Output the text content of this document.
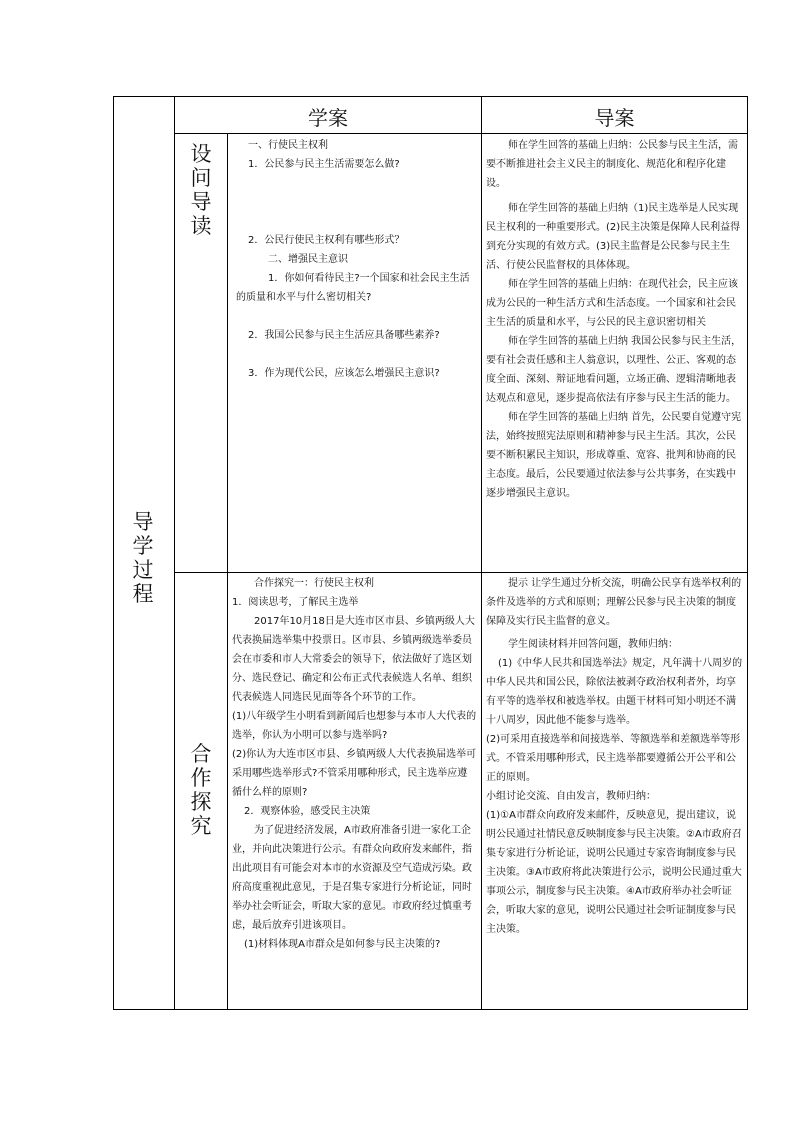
学案	导案
导
学
过
程
设
问
导
读
合
作
探
究

一、行使民主权利

1．公民参与民主生活需要怎么做?

2．公民行使民主权利有哪些形式？

二、增强民主意识

1．你如何看待民主?一个国家和社会民主生活的质量和水平与什么密切相关?

2．我国公民参与民主生活应具备哪些素养?

3．作为现代公民，应该怎么增强民主意识?

师在学生回答的基础上归纳：公民参与民主生活，需要不断推进社会主义民主的制度化、规范化和程序化建设。

师在学生回答的基础上归纳（1)民主选举是人民实现民主权利的一种重要形式。(2)民主决策是保障人民利益得到充分实现的有效方式。(3)民主监督是公民参与民主生活、行使公民监督权的具体体现。

师在学生回答的基础上归纳：在现代社会，民主应该成为公民的一种生活方式和生活态度。一个国家和社会民主生活的质量和水平，与公民的民主意识密切相关

师在学生回答的基础上归纳 我国公民参与民主生活，要有社会责任感和主人翁意识，以理性、公正、客观的态度全面、深刻、辩证地看问题，立场正确、逻辑清晰地表达观点和意见，逐步提高依法有序参与民主生活的能力。

师在学生回答的基础上归纳 首先，公民要自觉遵守宪法，始终按照宪法原则和精神参与民主生活。其次，公民要不断积累民主知识，形成尊重、宽容、批判和协商的民主态度。最后，公民要通过依法参与公共事务，在实践中逐步增强民主意识。

合作探究一：行使民主权利

1．阅读思考，了解民主选举

2017年10月18日是大连市区市县、乡镇两级人大代表换届选举集中投票日。区市县、乡镇两级选举委员会在市委和市人大常委会的领导下，依法做好了选区划分、选民登记、确定和公布正式代表候选人名单、组织代表候选人同选民见面等各个环节的工作。

(1)八年级学生小明看到新闻后也想参与本市人大代表的选举，你认为小明可以参与选举吗?

(2)你认为大连市区市县、乡镇两级人大代表换届选举可采用哪些选举形式?不管采用哪种形式，民主选举应遵循什么样的原则?

2．观察体验，感受民主决策

为了促进经济发展，A市政府准备引进一家化工企业，并向此决策进行公示。有群众向政府发来邮件，指出此项目有可能会对本市的水资源及空气造成污染。政府高度重视此意见，于是召集专家进行分析论证，同时举办社会听证会，听取大家的意见。市政府经过慎重考虑，最后放弃引进该项目。

(1)材料体现A市群众是如何参与民主决策的?

提示 让学生通过分析交流，明确公民享有选举权利的条件及选举的方式和原则；理解公民参与民主决策的制度保障及实行民主监督的意义。

学生阅读材料并回答问题，教师归纳：

(1)《中华人民共和国选举法》规定，凡年满十八周岁的中华人民共和国公民，除依法被剥夺政治权利者外，均享有平等的选举权和被选举权。由题干材料可知小明还不满十八周岁，因此他不能参与选举。

(2)可采用直接选举和间接选举、等额选举和差额选举等形式。不管采用哪种形式，民主选举都要遵循公开公平和公正的原则。

小组讨论交流、自由发言，教师归纳：

(1)①A市群众向政府发来邮件，反映意见，提出建议，说明公民通过社情民意反映制度参与民主决策。②A市政府召集专家进行分析论证，说明公民通过专家咨询制度参与民主决策。③A市政府将此决策进行公示，说明公民通过重大事项公示，制度参与民主决策。④A市政府举办社会听证会，听取大家的意见，说明公民通过社会听证制度参与民主决策。
